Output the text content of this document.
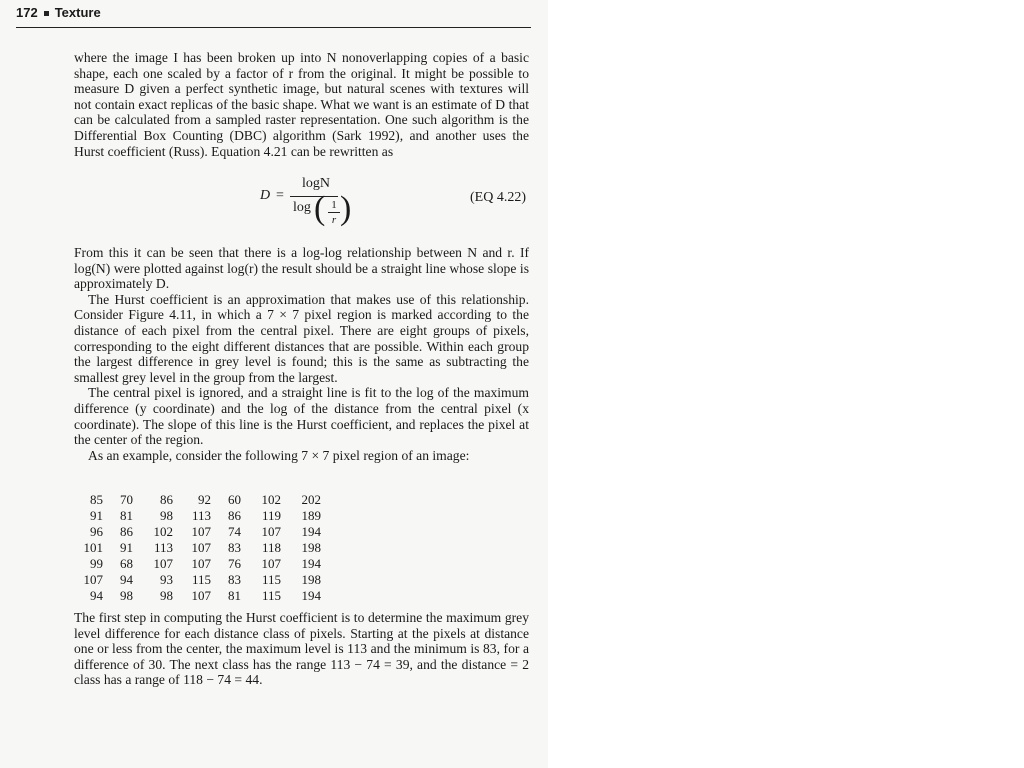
172 Texture

where the image I has been broken up into N nonoverlapping copies of a basic shape, each one scaled by a factor of r from the original. It might be possible to measure D given a perfect synthetic image, but natural scenes with textures will not contain exact replicas of the basic shape. What we want is an estimate of D that can be calculated from a sampled raster representation. One such algorithm is the Differential Box Counting (DBC) algorithm (Sark 1992), and another uses the Hurst coefficient (Russ). Equation 4.21 can be rewritten as

D =
logN
log ( 1
r )	(EQ 4.22)

From this it can be seen that there is a log-log relationship between N and r. If log(N) were plotted against log(r) the result should be a straight line whose slope is approximately D.

The Hurst coefficient is an approximation that makes use of this relationship. Consider Figure 4.11, in which a 7 × 7 pixel region is marked according to the distance of each pixel from the central pixel. There are eight groups of pixels, corresponding to the eight different distances that are possible. Within each group the largest difference in grey level is found; this is the same as subtracting the smallest grey level in the group from the largest.

The central pixel is ignored, and a straight line is fit to the log of the maximum difference (y coordinate) and the log of the distance from the central pixel (x coordinate). The slope of this line is the Hurst coefficient, and replaces the pixel at the center of the region.

As an example, consider the following 7 × 7 pixel region of an image:

85	70	86	92	60	102	202
91	81	98	113	86	119	189
96	86	102	107	74	107	194
101	91	113	107	83	118	198
99	68	107	107	76	107	194
107	94	93	115	83	115	198
94	98	98	107	81	115	194

The first step in computing the Hurst coefficient is to determine the maximum grey level difference for each distance class of pixels. Starting at the pixels at distance one or less from the center, the maximum level is 113 and the minimum is 83, for a difference of 30. The next class has the range 113 − 74 = 39, and the distance = 2 class has a range of 118 − 74 = 44.
